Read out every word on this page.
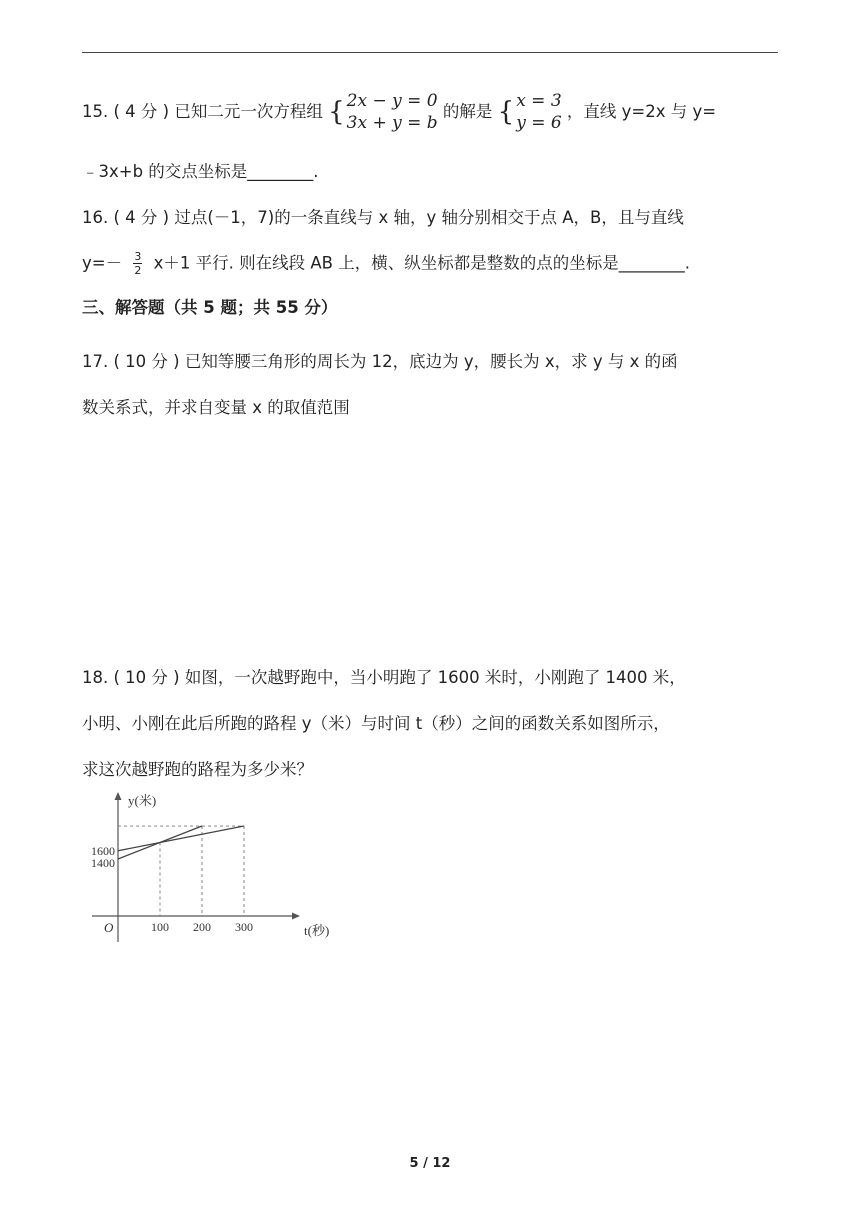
15. ( 4 分 ) 已知二元一次方程组 { 2x − y = 0
3x + y = b
的解是 { x = 3
y = 6
，直线 y=2x 与 y=
﹣3x+b 的交点坐标是________.
16. ( 4 分 ) 过点(－1，7)的一条直线与 x 轴，y 轴分别相交于点 A，B，且与直线
$y=- \frac{3}{2} x+1$ 平行. 则在线段 AB 上，横、纵坐标都是整数的点的坐标是________.
三、解答题（共 5 题；共 55 分）
17. ( 10 分 ) 已知等腰三角形的周长为 12，底边为 y，腰长为 x，求 y 与 x 的函
数关系式，并求自变量 x 的取值范围
18. ( 10 分 ) 如图，一次越野跑中，当小明跑了 1600 米时，小刚跑了 1400 米，
小明、小刚在此后所跑的路程 y（米）与时间 t（秒）之间的函数关系如图所示，
求这次越野跑的路程为多少米？
y(米)
t(秒)
O	100 200 300
1600
1400
5 / 12
